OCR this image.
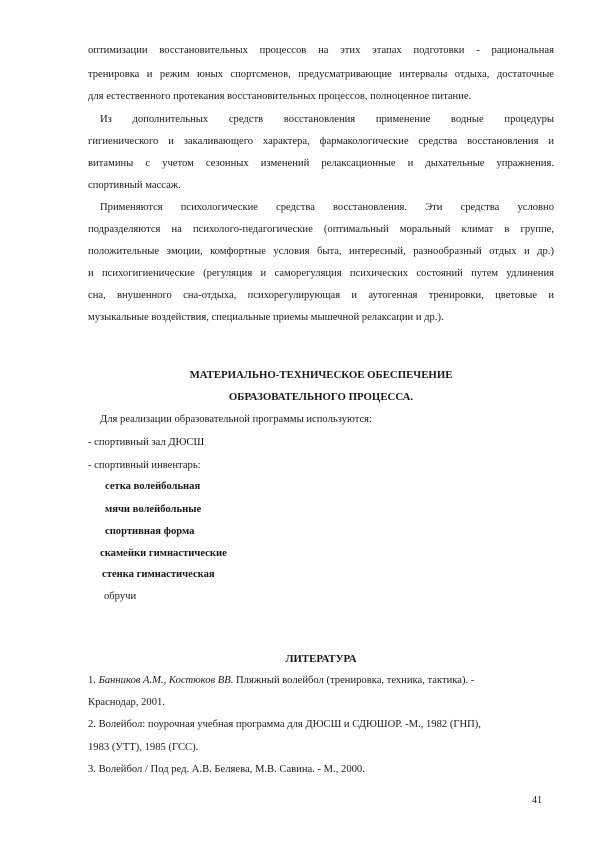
оптимизации восстановительных процессов на этих этапах подготовки - рациональная
тренировка и режим юных спортсменов, предусматривающие интервалы отдыха, достаточные
для естественного протекания восстановительных процессов, полноценное питание.
Из дополнительных средств восстановления применение водные процедуры
гигиенического и закаливающего характера, фармакологические средства восстановления и
витамины с учетом сезонных изменений релаксационные и дыхательные упражнения.
спортивный массаж.
Применяются психологические средства восстановления. Эти средства условно
подразделяются на психолого-педагогические (оптимальный моральный климат в группе,
положительные эмоции, комфортные условия быта, интересный, разнообразный отдых и др.)
и психогигиенические (регуляция и саморегуляция психических состояний путем удлинения
сна, внушенного сна-отдыха, психорегулирующая и аутогенная тренировки, цветовые и
музыкальные воздействия, специальные приемы мышечной релаксации и др.).
МАТЕРИАЛЬНО-ТЕХНИЧЕСКОЕ ОБЕСПЕЧЕНИЕ
ОБРАЗОВАТЕЛЬНОГО ПРОЦЕССА.
Для реализации образовательной программы используются:
- спортивный зал ДЮСШ
- спортивный инвентарь:
сетка волейбольная
мячи волейбольные
спортивная форма
скамейки гимнастические
стенка гимнастическая
обручи
ЛИТЕРАТУРА
1. Банников А.М., Костюков ВВ. Пляжный волейбол (тренировка, техника, тактика). -
Краснодар, 2001.
2. Волейбол: поурочная учебная программа для ДЮСШ и СДЮШОР. -М., 1982 (ГНП),
1983 (УТТ), 1985 (ГСС).
3. Волейбол / Под ред. А.В. Беляева, М.В. Савина. - М., 2000.
41
